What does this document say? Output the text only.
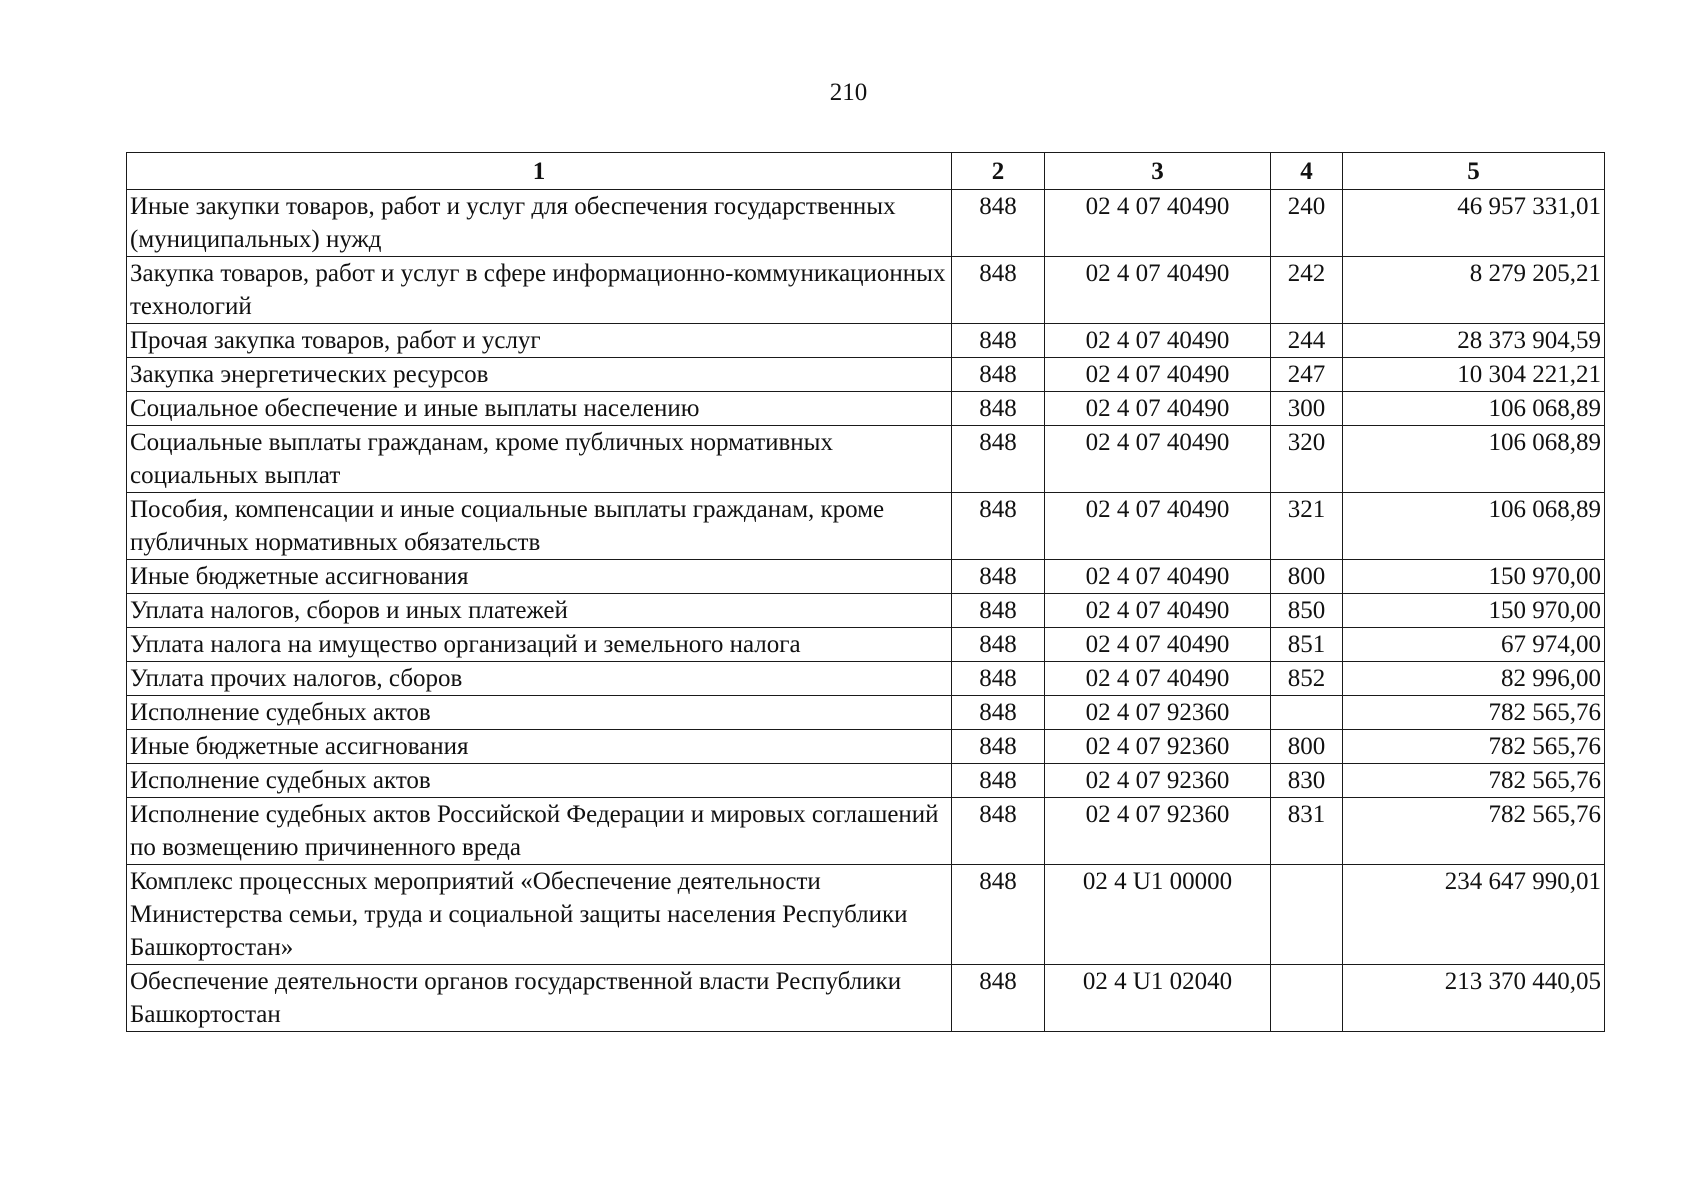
210
1	2	3	4	5
Иные закупки товаров, работ и услуг для обеспечения государственных (муниципальных) нужд	848	02 4 07 40490	240	46 957 331,01
Закупка товаров, работ и услуг в сфере информационно-коммуникационных технологий	848	02 4 07 40490	242	8 279 205,21
Прочая закупка товаров, работ и услуг	848	02 4 07 40490	244	28 373 904,59
Закупка энергетических ресурсов	848	02 4 07 40490	247	10 304 221,21
Социальное обеспечение и иные выплаты населению	848	02 4 07 40490	300	106 068,89
Социальные выплаты гражданам, кроме публичных нормативных социальных выплат	848	02 4 07 40490	320	106 068,89
Пособия, компенсации и иные социальные выплаты гражданам, кроме публичных нормативных обязательств	848	02 4 07 40490	321	106 068,89
Иные бюджетные ассигнования	848	02 4 07 40490	800	150 970,00
Уплата налогов, сборов и иных платежей	848	02 4 07 40490	850	150 970,00
Уплата налога на имущество организаций и земельного налога	848	02 4 07 40490	851	67 974,00
Уплата прочих налогов, сборов	848	02 4 07 40490	852	82 996,00
Исполнение судебных актов	848	02 4 07 92360		782 565,76
Иные бюджетные ассигнования	848	02 4 07 92360	800	782 565,76
Исполнение судебных актов	848	02 4 07 92360	830	782 565,76
Исполнение судебных актов Российской Федерации и мировых соглашений по возмещению причиненного вреда	848	02 4 07 92360	831	782 565,76
Комплекс процессных мероприятий «Обеспечение деятельности Министерства семьи, труда и социальной защиты населения Республики Башкортостан»	848	02 4 U1 00000		234 647 990,01
Обеспечение деятельности органов государственной власти Республики Башкортостан	848	02 4 U1 02040		213 370 440,05
